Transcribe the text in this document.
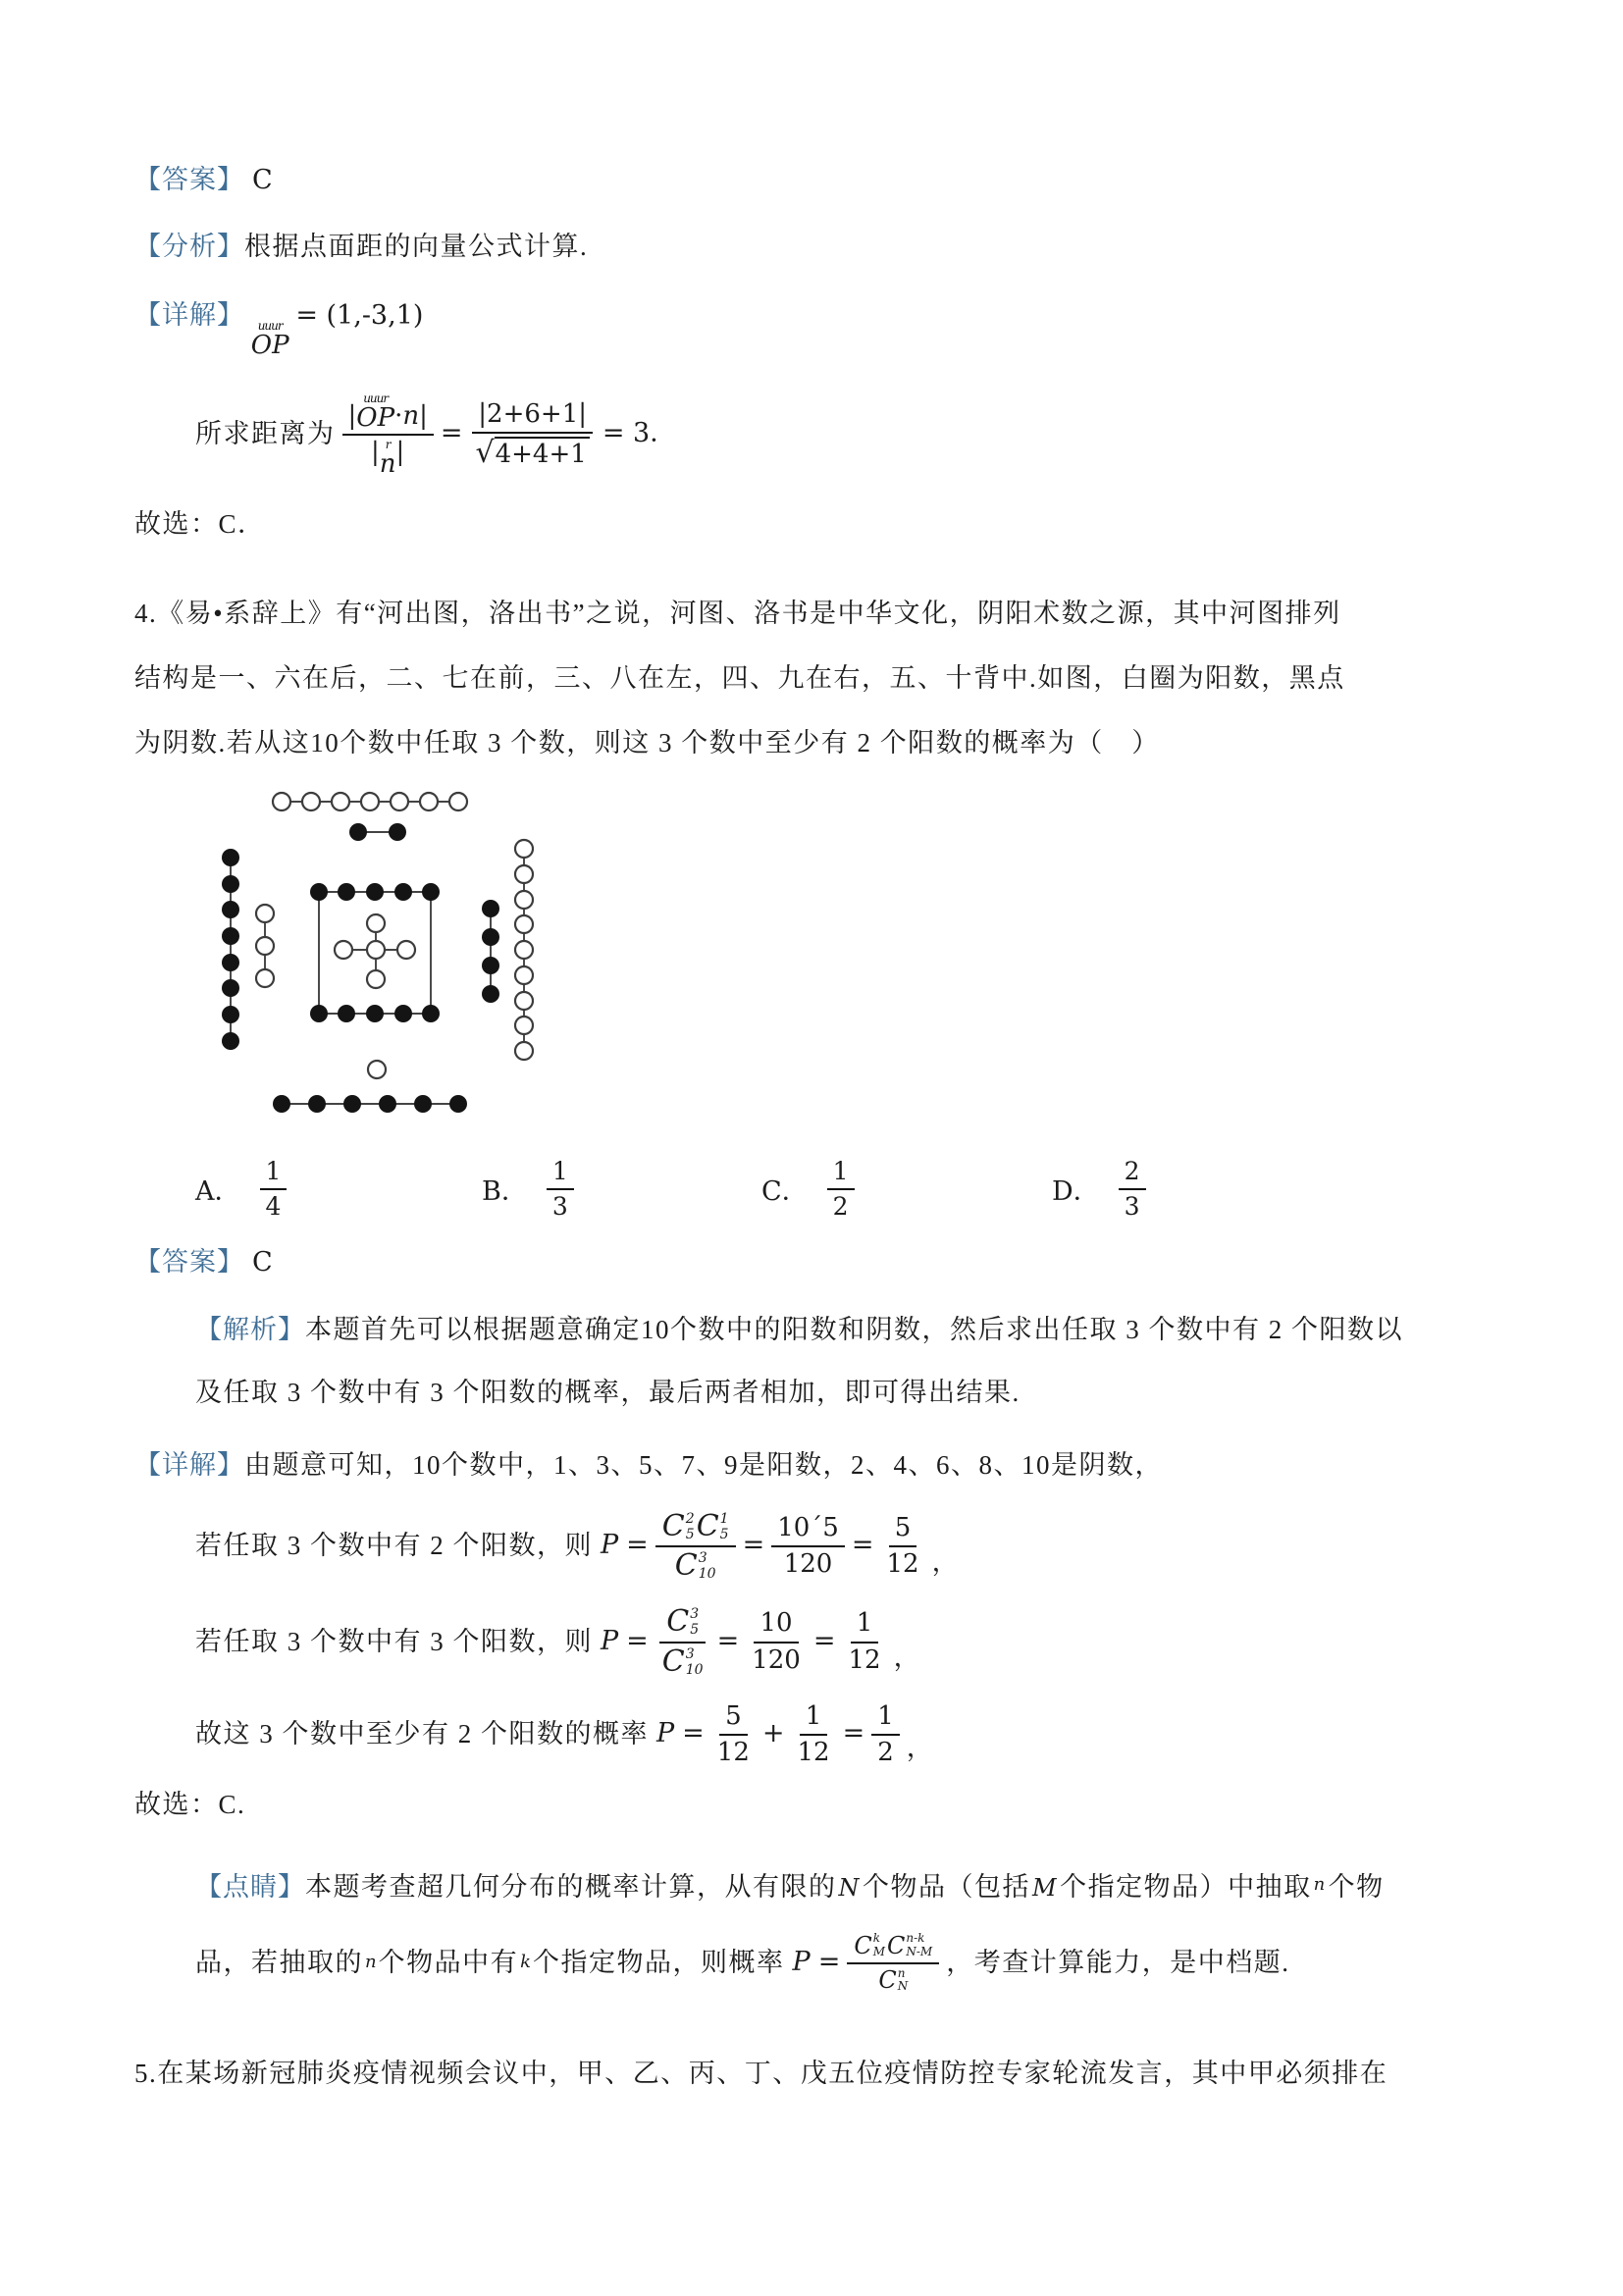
【答案】 C

【分析】根据点面距的向量公式计算.

【详解】 uuur
OP
= (1,-3,1)

所求距离为 |
uuur
OP · n |
| r
n | = $\frac{|2+6+1|}{√ 4+4+1} = 3$．

故选：C．

4.《易•系辞上》有“河出图，洛出书”之说，河图、洛书是中华文化，阴阳术数之源，其中河图排列

结构是一、六在后，二、七在前，三、八在左，四、九在右，五、十背中.如图，白圈为阳数，黑点

为阴数.若从这10个数中任取 3 个数，则这 3 个数中至少有 2 个阳数的概率为（　）

A． $\frac{1}{4}$	B． $\frac{1}{3}$	C． $\frac{1}{2}$	D． $\frac{2}{3}$

【答案】 C

【解析】本题首先可以根据题意确定10个数中的阳数和阴数，然后求出任取 3 个数中有 2 个阳数以

及任取 3 个数中有 3 个阳数的概率，最后两者相加，即可得出结果.

【详解】由题意可知，10个数中，1、3、5、7、9是阳数，2、4、6、8、10是阴数，

若任取 3 个数中有 2 个阳数，则 P = C 2
5 C 1
5
C 3
$10 = \frac{10´5}{120} = \frac{5}{12}$ ，
若任取 3 个数中有 3 个阳数，则 P = C 3
5
C 3
$10 = \frac{10}{120} = \frac{1}{12}$ ，
故这 3 个数中至少有 2 个阳数的概率 $P = \frac{5}{12} + \frac{1}{12} = \frac{1}{2}$ ，

故选：C.

【点睛】本题考查超几何分布的概率计算，从有限的N个物品（包括M个指定物品）中抽取 $^n$个物

品，若抽取的 n 个物品中有 k 个指定物品，则概率 P = C k
M C n-k
N-M
C n
N ，考查计算能力，是中档题.

5.在某场新冠肺炎疫情视频会议中，甲、乙、丙、丁、戊五位疫情防控专家轮流发言，其中甲必须排在
